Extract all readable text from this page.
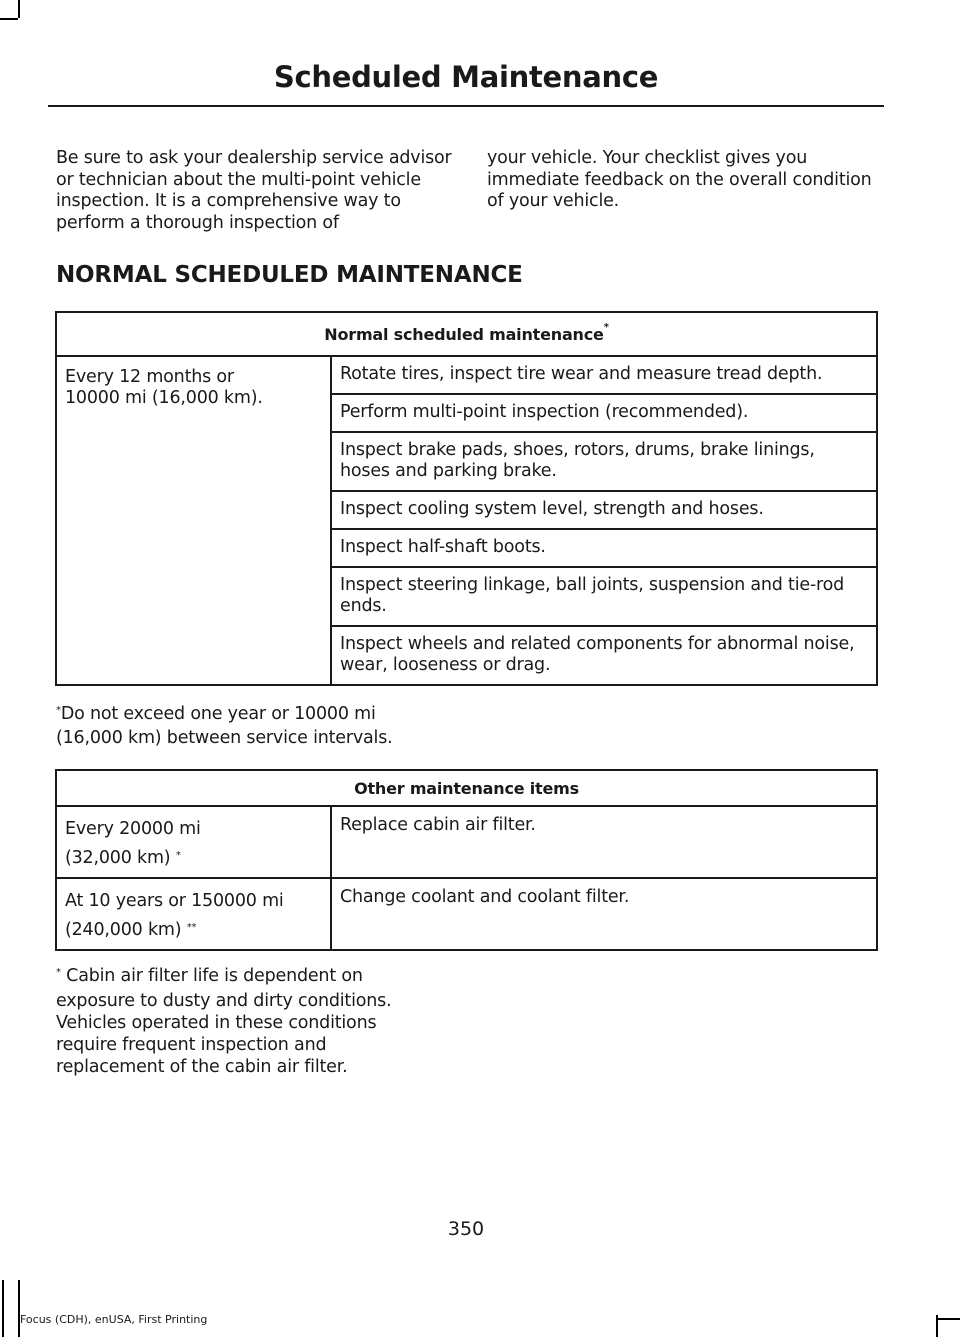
Scheduled Maintenance
Be sure to ask your dealership service advisor or technician about the multi-point vehicle inspection. It is a comprehensive way to perform a thorough inspection of
your vehicle. Your checklist gives you immediate feedback on the overall condition of your vehicle.
NORMAL SCHEDULED MAINTENANCE
Normal scheduled maintenance*

Every 12 months or
10000 mi (16,000 km).
	Rotate tires, inspect tire wear and measure tread depth.
Perform multi-point inspection (recommended).
Inspect brake pads, shoes, rotors, drums, brake linings, hoses and parking brake.
Inspect cooling system level, strength and hoses.
Inspect half-shaft boots.
Inspect steering linkage, ball joints, suspension and tie-rod ends.
Inspect wheels and related components for abnormal noise, wear, looseness or drag.
*Do not exceed one year or 10000 mi
(16,000 km) between service intervals.
Other maintenance items	

Every 20000 mi
(32,000 km) *	Replace cabin air filter.

At 10 years or 150000 mi
(240,000 km) **	Change coolant and coolant filter.
* Cabin air filter life is dependent on
exposure to dusty and dirty conditions. Vehicles operated in these conditions require frequent inspection and replacement of the cabin air filter.
350
Focus (CDH), enUSA, First Printing
